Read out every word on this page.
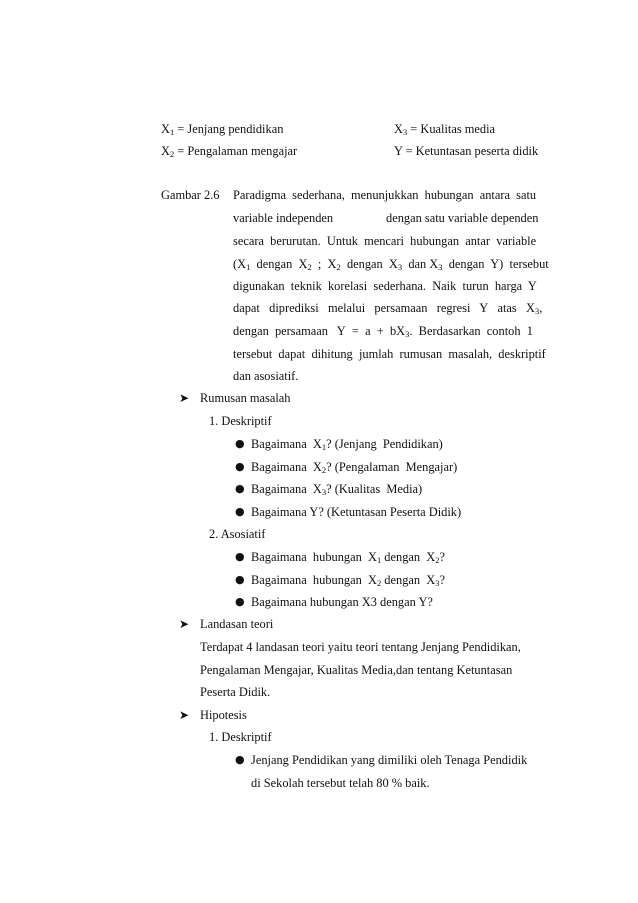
$X_1$ = Jenjang pendidikan	$X_3$ = Kualitas media
$X_2$ = Pengalaman mengajar	Y = Ketuntasan peserta didik
Gambar 2.6 Paradigma  sederhana,  menunjukkan  hubungan  antara  satu
variable independen	dengan satu variable dependen
secara  berurutan.  Untuk  mencari  hubungan  antar  variable
($X_1$  dengan  $X_2$  ;  $X_2$  dengan  $X_3$  dan $X_3$  dengan  Y)  tersebut
digunakan  teknik  korelasi  sederhana.  Naik  turun  harga  Y
dapat   diprediksi   melalui   persamaan   regresi   Y   atas   $X_3$,
dengan  persamaan   $Y = a + bX_3$.  Berdasarkan  contoh  1
tersebut  dapat  dihitung  jumlah  rumusan  masalah,  deskriptif
dan asosiatif.
➤ Rumusan masalah
1. Deskriptif
● Bagaimana  $X_1$? (Jenjang  Pendidikan)
● Bagaimana  $X_2$? (Pengalaman  Mengajar)
● Bagaimana  $X_3$? (Kualitas  Media)
● Bagaimana Y? (Ketuntasan Peserta Didik)
2. Asosiatif
● Bagaimana  hubungan  $X_1$ dengan  $X_2$?
● Bagaimana  hubungan  $X_2$ dengan  $X_3$?
● Bagaimana hubungan X3 dengan Y?
➤ Landasan teori
Terdapat 4 landasan teori yaitu teori tentang Jenjang Pendidikan,
Pengalaman Mengajar, Kualitas Media,dan tentang Ketuntasan
Peserta Didik.
➤ Hipotesis
1. Deskriptif
● Jenjang Pendidikan yang dimiliki oleh Tenaga Pendidik
di Sekolah tersebut telah 80 % baik.
